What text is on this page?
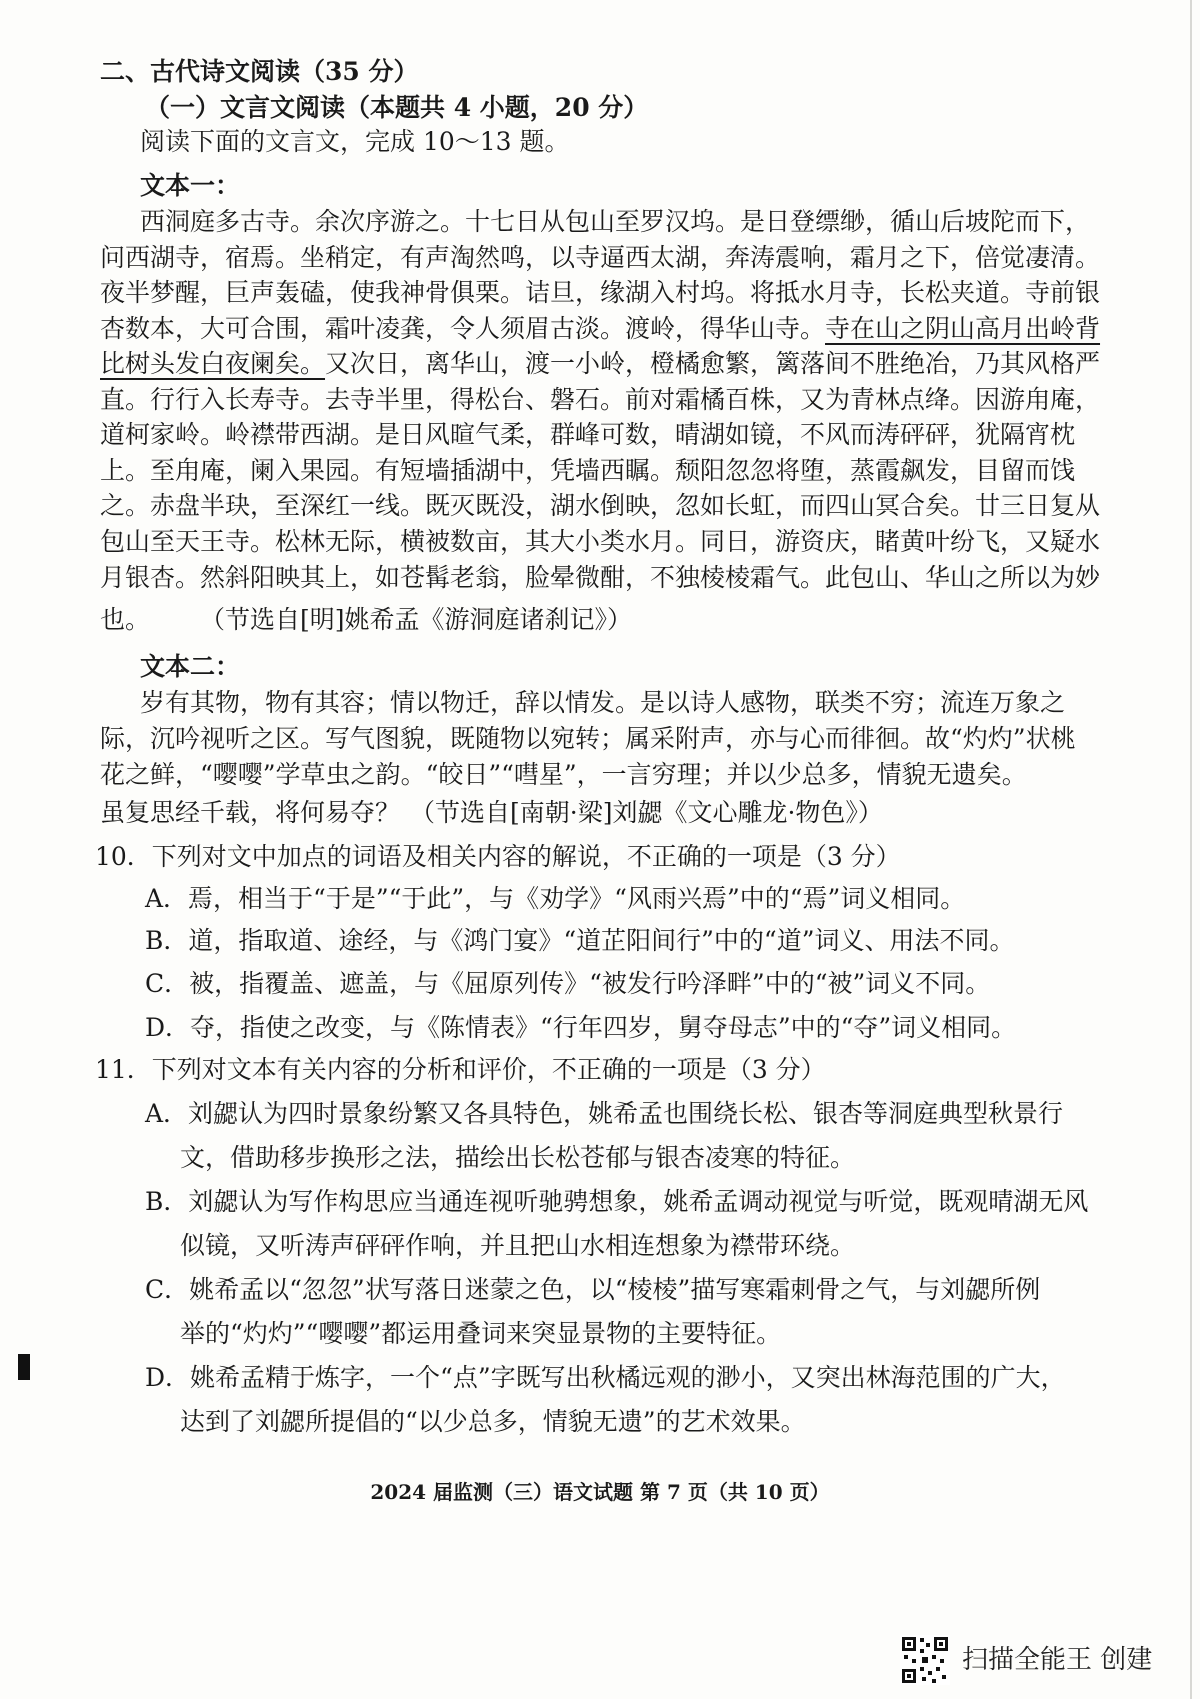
二、古代诗文阅读（35 分）
（一）文言文阅读（本题共 4 小题，20 分）
阅读下面的文言文，完成 10～13 题。
文本一：
西洞庭多古寺。余次序游之。十七日从包山至罗汉坞。是日登缥缈，循山后坡陀而下，
问西湖寺，宿焉。坐稍定，有声淘然鸣，以寺逼西太湖，奔涛震响，霜月之下，倍觉凄清。
夜半梦醒，巨声轰磕，使我神骨俱栗。诘旦，缘湖入村坞。将抵水月寺，长松夹道。寺前银
杏数本，大可合围，霜叶凌龚，令人须眉古淡。渡岭，得华山寺。寺在山之阴山高月出岭背
比树头发白夜阑矣。又次日，离华山，渡一小岭，橙橘愈繁，篱落间不胜绝冶，乃其风格严
直。行行入长寿寺。去寺半里，得松台、磐石。前对霜橘百株，又为青林点绛。因游甪庵，
道柯家岭。岭襟带西湖。是日风暄气柔，群峰可数，晴湖如镜，不风而涛砰砰，犹隔宵枕
上。至甪庵，阑入果园。有短墙插湖中，凭墙西瞩。颓阳忽忽将堕，蒸霞飙发，目留而饯
之。赤盘半玦，至深红一线。既灭既没，湖水倒映，忽如长虹，而四山冥合矣。廿三日复从
包山至天王寺。松林无际，横被数亩，其大小类水月。同日，游资庆，睹黄叶纷飞，又疑水
月银杏。然斜阳映其上，如苍髯老翁，脸晕微酣，不独棱棱霜气。此包山、华山之所以为妙
也。 （节选自[明]姚希孟《游洞庭诸刹记》）
文本二：
岁有其物，物有其容；情以物迁，辞以情发。是以诗人感物，联类不穷；流连万象之
际，沉吟视听之区。写气图貌，既随物以宛转；属采附声，亦与心而徘徊。故“灼灼”状桃
花之鲜，“嘤嘤”学草虫之韵。“皎日”“嘒星”，一言穷理；并以少总多，情貌无遗矣。
虽复思经千载，将何易夺？ （节选自[南朝·梁]刘勰《文心雕龙·物色》）
10．下列对文中加点的词语及相关内容的解说，不正确的一项是（3 分）
A．焉，相当于“于是”“于此”，与《劝学》“风雨兴焉”中的“焉”词义相同。
B．道，指取道、途经，与《鸿门宴》“道芷阳间行”中的“道”词义、用法不同。
C．被，指覆盖、遮盖，与《屈原列传》“被发行吟泽畔”中的“被”词义不同。
D．夺，指使之改变，与《陈情表》“行年四岁，舅夺母志”中的“夺”词义相同。
11．下列对文本有关内容的分析和评价，不正确的一项是（3 分）
A．刘勰认为四时景象纷繁又各具特色，姚希孟也围绕长松、银杏等洞庭典型秋景行
文，借助移步换形之法，描绘出长松苍郁与银杏凌寒的特征。
B．刘勰认为写作构思应当通连视听驰骋想象，姚希孟调动视觉与听觉，既观晴湖无风
似镜，又听涛声砰砰作响，并且把山水相连想象为襟带环绕。
C．姚希孟以“忽忽”状写落日迷蒙之色，以“棱棱”描写寒霜刺骨之气，与刘勰所例
举的“灼灼”“嘤嘤”都运用叠词来突显景物的主要特征。
D．姚希孟精于炼字，一个“点”字既写出秋橘远观的渺小，又突出林海范围的广大，
达到了刘勰所提倡的“以少总多，情貌无遗”的艺术效果。
2024 届监测（三）语文试题 第 7 页（共 10 页）
扫描全能王 创建
